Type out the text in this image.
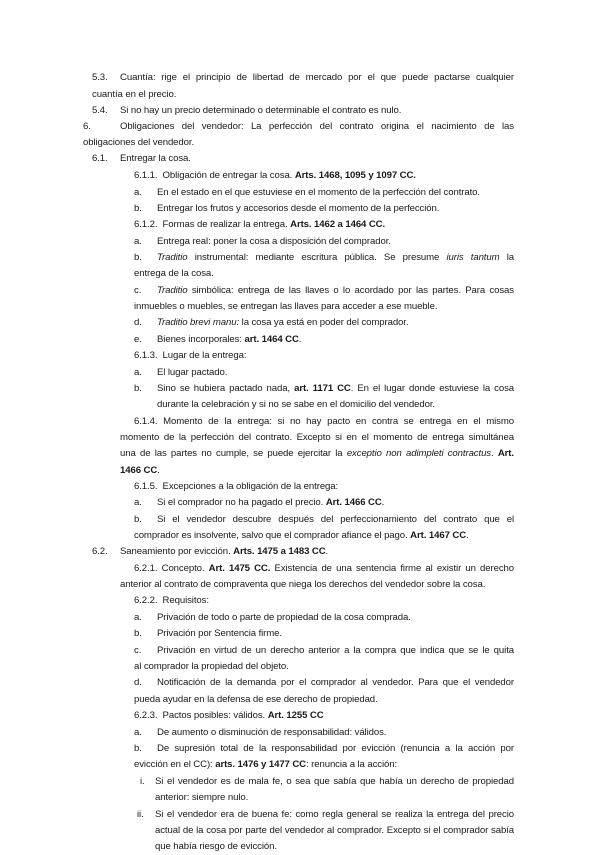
5.3. Cuantía: rige el principio de libertad de mercado por el que puede pactarse cualquier
cuantía en el precio.
5.4. Si no hay un precio determinado o determinable el contrato es nulo.
6.	Obligaciones del vendedor: La perfección del contrato origina el nacimiento de las
obligaciones del vendedor.
6.1. Entregar la cosa.
6.1.1. Obligación de entregar la cosa. Arts. 1468, 1095 y 1097 CC.
a. En el estado en el que estuviese en el momento de la perfección del contrato.
b. Entregar los frutos y accesorios desde el momento de la perfección.
6.1.2. Formas de realizar la entrega. Arts. 1462 a 1464 CC.
a. Entrega real: poner la cosa a disposición del comprador.
b. Traditio instrumental: mediante escritura pública. Se presume iuris tantum la
entrega de la cosa.
c. Traditio simbólica: entrega de las llaves o lo acordado por las partes. Para cosas
inmuebles o muebles, se entregan las llaves para acceder a ese mueble.
d. Traditio brevi manu: la cosa ya está en poder del comprador.
e. Bienes incorporales: art. 1464 CC.
6.1.3. Lugar de la entrega:
a. El lugar pactado.
b. Sino se hubiera pactado nada, art. 1171 CC. En el lugar donde estuviese la cosa
durante la celebración y si no se sabe en el domicilio del vendedor.
6.1.4. Momento de la entrega: si no hay pacto en contra se entrega en el mismo
momento de la perfección del contrato. Excepto si en el momento de entrega simultánea
una de las partes no cumple, se puede ejercitar la exceptio non adimpleti contractus. Art.
1466 CC.
6.1.5. Excepciones a la obligación de la entrega:
a. Si el comprador no ha pagado el precio. Art. 1466 CC.
b. Si el vendedor descubre después del perfeccionamiento del contrato que el
comprador es insolvente, salvo que el comprador afiance el pago. Art. 1467 CC.
6.2. Saneamiento por evicción. Arts. 1475 a 1483 CC.
6.2.1. Concepto. Art. 1475 CC. Existencia de una sentencia firme al existir un derecho
anterior al contrato de compraventa que niega los derechos del vendedor sobre la cosa.
6.2.2. Requisitos:
a. Privación de todo o parte de propiedad de la cosa comprada.
b. Privación por Sentencia firme.
c. Privación en virtud de un derecho anterior a la compra que indica que se le quita
al comprador la propiedad del objeto.
d. Notificación de la demanda por el comprador al vendedor. Para que el vendedor
pueda ayudar en la defensa de ese derecho de propiedad.
6.2.3. Pactos posibles: válidos. Art. 1255 CC
a. De aumento o disminución de responsabilidad: válidos.
b. De supresión total de la responsabilidad por evicción (renuncia a la acción por
evicción en el CC): arts. 1476 y 1477 CC: renuncia a la acción:
i. Si el vendedor es de mala fe, o sea que sabía que había un derecho de propiedad
anterior: siempre nulo.
ii. Si el vendedor era de buena fe: como regla general se realiza la entrega del precio
actual de la cosa por parte del vendedor al comprador. Excepto si el comprador sabía
que había riesgo de evicción.
